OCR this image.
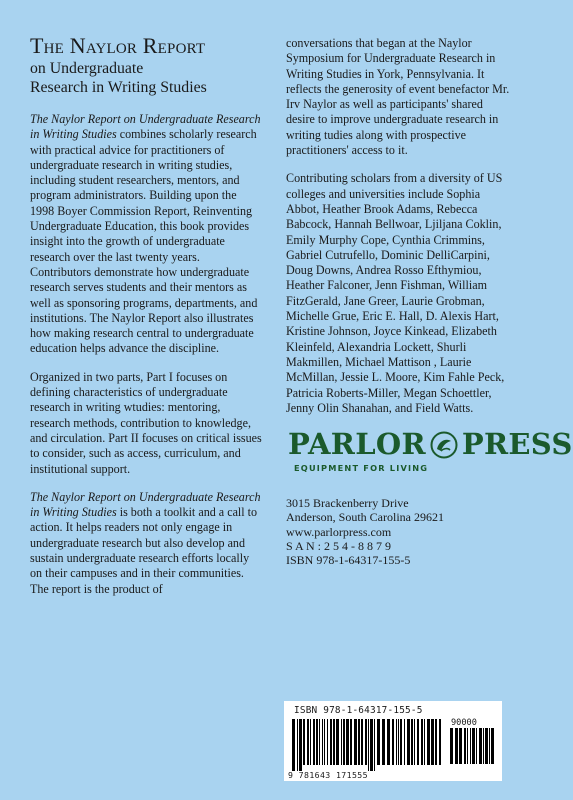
The Naylor Report
on Undergraduate
Research in Writing Studies

The Naylor Report on Undergraduate Research in Writing Studies combines scholarly research with practical advice for practitioners of undergraduate research in writing studies, including student researchers, mentors, and program administrators. Building upon the 1998 Boyer Commission Report, Reinventing Undergraduate Education, this book provides insight into the growth of undergraduate research over the last twenty years. Contributors demonstrate how undergraduate research serves students and their mentors as well as sponsoring programs, departments, and institutions. The Naylor Report also illustrates how making research central to undergraduate education helps advance the discipline.

Organized in two parts, Part I focuses on defining characteristics of undergraduate research in writing wtudies: mentoring, research methods, contribution to knowledge, and circulation. Part II focuses on critical issues to consider, such as access, curriculum, and institutional support.

The Naylor Report on Undergraduate Research in Writing Studies is both a toolkit and a call to action. It helps readers not only engage in undergraduate research but also develop and sustain undergraduate research efforts locally on their campuses and in their communities. The report is the product of

conversations that began at the Naylor Symposium for Undergraduate Research in Writing Studies in York, Pennsylvania. It reflects the generosity of event benefactor Mr. Irv Naylor as well as participants' shared desire to improve undergraduate research in writing tudies along with prospective practitioners' access to it.

Contributing scholars from a diversity of US colleges and universities include Sophia Abbot, Heather Brook Adams, Rebecca Babcock, Hannah Bellwoar, Ljiljana Coklin, Emily Murphy Cope, Cynthia Crimmins, Gabriel Cutrufello, Dominic DelliCarpini, Doug Downs, Andrea Rosso Efthymiou, Heather Falconer, Jenn Fishman, William FitzGerald, Jane Greer, Laurie Grobman, Michelle Grue, Eric E. Hall, D. Alexis Hart, Kristine Johnson, Joyce Kinkead, Elizabeth Kleinfeld, Alexandria Lockett, Shurli Makmillen, Michael Mattison , Laurie McMillan, Jessie L. Moore, Kim Fahle Peck, Patricia Roberts-Miller, Megan Schoettler, Jenny Olin Shanahan, and Field Watts.

PARLOR PRESS
EQUIPMENT FOR LIVING
3015 Brackenberry Drive
Anderson, South Carolina 29621
www.parlorpress.com
S A N : 2 5 4 - 8 8 7 9
ISBN 978-1-64317-155-5
ISBN 978-1-64317-155-5
90000
9 781643 171555
